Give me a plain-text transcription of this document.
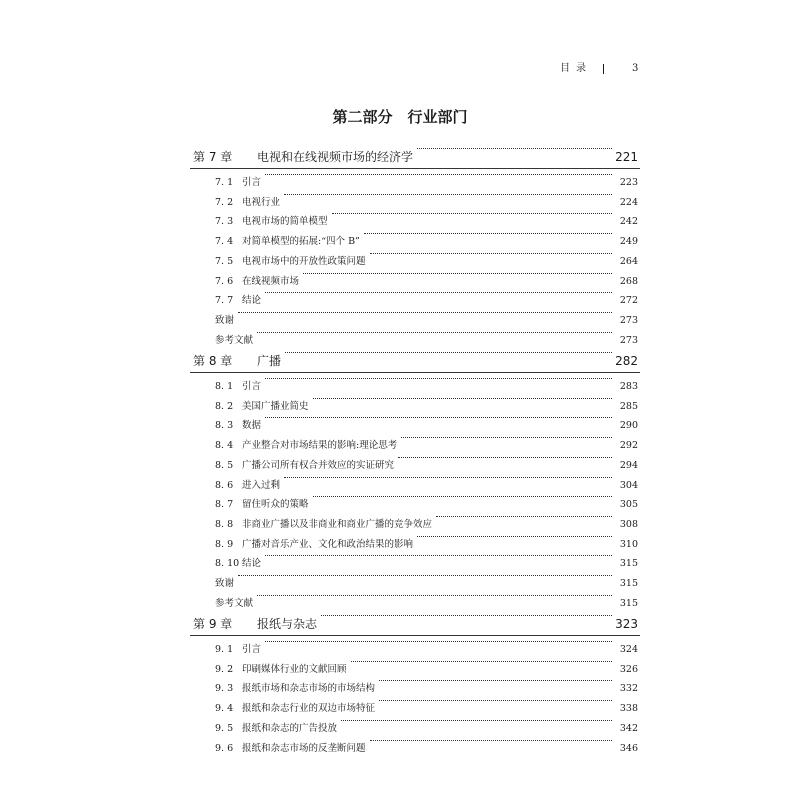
目录	3
第二部分　行业部门
第 7 章 电视和在线视频市场的经济学	221
7. 1 引言	223
7. 2 电视行业	224
7. 3 电视市场的简单模型	242
7. 4 对简单模型的拓展:“四个 B”	249
7. 5 电视市场中的开放性政策问题	264
7. 6 在线视频市场	268
7. 7 结论	272
致谢	273
参考文献	273
第 8 章 广播	282
8. 1 引言	283
8. 2 美国广播业简史	285
8. 3 数据	290
8. 4 产业整合对市场结果的影响:理论思考	292
8. 5 广播公司所有权合并效应的实证研究	294
8. 6 进入过剩	304
8. 7 留住听众的策略	305
8. 8 非商业广播以及非商业和商业广播的竞争效应	308
8. 9 广播对音乐产业、文化和政治结果的影响	310
8. 10 结论	315
致谢	315
参考文献	315
第 9 章 报纸与杂志	323
9. 1 引言	324
9. 2 印刷媒体行业的文献回顾	326
9. 3 报纸市场和杂志市场的市场结构	332
9. 4 报纸和杂志行业的双边市场特征	338
9. 5 报纸和杂志的广告投放	342
9. 6 报纸和杂志市场的反垄断问题	346
